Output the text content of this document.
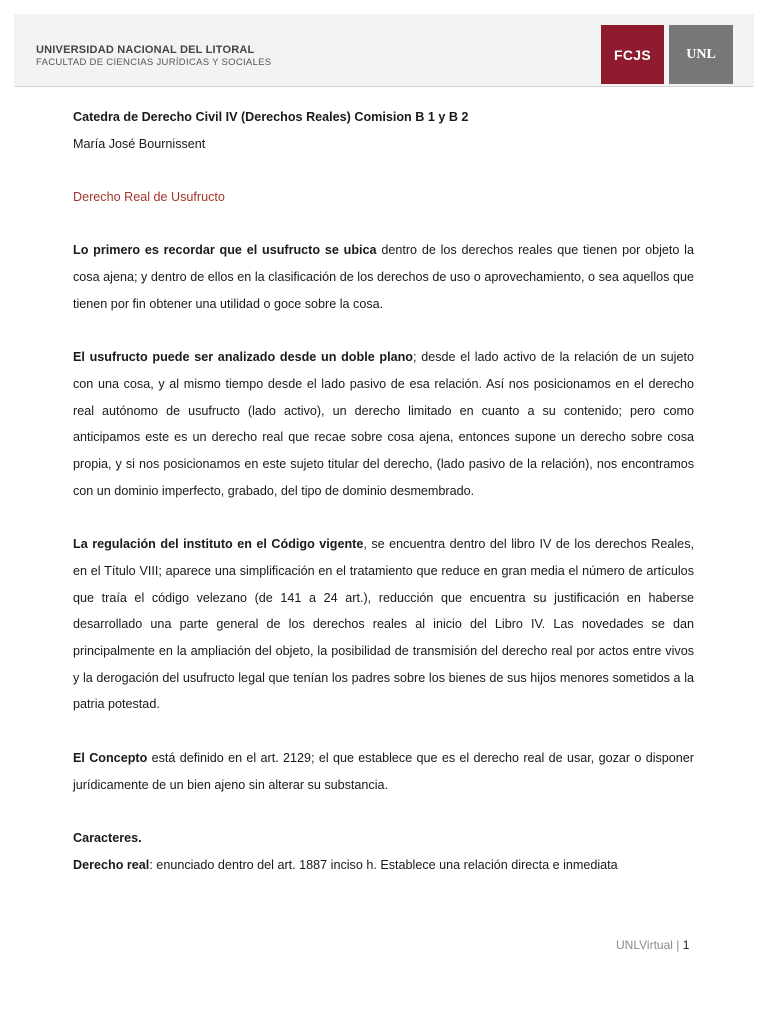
UNIVERSIDAD NACIONAL DEL LITORAL
FACULTAD DE CIENCIAS JURÍDICAS Y SOCIALES	FCJS	UNL

Catedra de Derecho Civil IV (Derechos Reales) Comision B 1 y B 2

María José Bournissent

Derecho Real de Usufructo

Lo primero es recordar que el usufructo se ubica dentro de los derechos reales que tienen por objeto la cosa ajena; y dentro de ellos en la clasificación de los derechos de uso o aprovechamiento, o sea aquellos que tienen por fin obtener una utilidad o goce sobre la cosa.

El usufructo puede ser analizado desde un doble plano; desde el lado activo de la relación de un sujeto con una cosa, y al mismo tiempo desde el lado pasivo de esa relación. Así nos posicionamos en el derecho real autónomo de usufructo (lado activo), un derecho limitado en cuanto a su contenido; pero como anticipamos este es un derecho real que recae sobre cosa ajena, entonces supone un derecho sobre cosa propia, y si nos posicionamos en este sujeto titular del derecho, (lado pasivo de la relación), nos encontramos con un dominio imperfecto, grabado, del tipo de dominio desmembrado.

La regulación del instituto en el Código vigente, se encuentra dentro del libro IV de los derechos Reales, en el Título VIII; aparece una simplificación en el tratamiento que reduce en gran media el número de artículos que traía el código velezano (de 141 a 24 art.), reducción que encuentra su justificación en haberse desarrollado una parte general de los derechos reales al inicio del Libro IV. Las novedades se dan principalmente en la ampliación del objeto, la posibilidad de transmisión del derecho real por actos entre vivos y la derogación del usufructo legal que tenían los padres sobre los bienes de sus hijos menores sometidos a la patria potestad.

El Concepto está definido en el art. 2129; el que establece que es el derecho real de usar, gozar o disponer jurídicamente de un bien ajeno sin alterar su substancia.

Caracteres.

Derecho real: enunciado dentro del art. 1887 inciso h. Establece una relación directa e inmediata

UNLVirtual | 1
